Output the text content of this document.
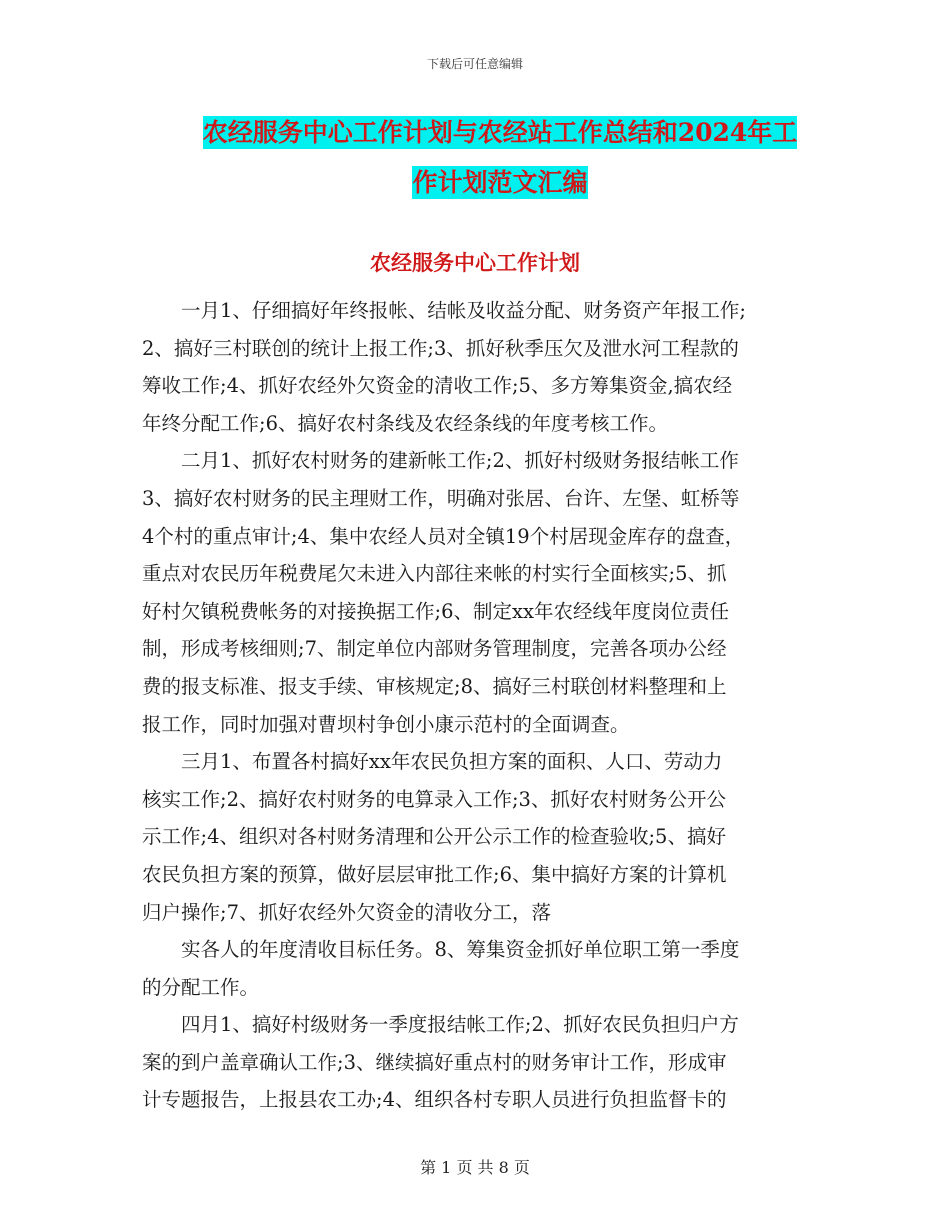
下载后可任意编辑
农经服务中心工作计划与农经站工作总结和2024年工
作计划范文汇编
农经服务中心工作计划

　　一月1、仔细搞好年终报帐、结帐及收益分配、财务资产年报工作;
2、搞好三村联创的统计上报工作;3、抓好秋季压欠及泄水河工程款的
筹收工作;4、抓好农经外欠资金的清收工作;5、多方筹集资金,搞农经
年终分配工作;6、搞好农村条线及农经条线的年度考核工作。

　　二月1、抓好农村财务的建新帐工作;2、抓好村级财务报结帐工作
3、搞好农村财务的民主理财工作，明确对张居、台许、左堡、虹桥等
4个村的重点审计;4、集中农经人员对全镇19个村居现金库存的盘查，
重点对农民历年税费尾欠未进入内部往来帐的村实行全面核实;5、抓
好村欠镇税费帐务的对接换据工作;6、制定xx年农经线年度岗位责任
制，形成考核细则;7、制定单位内部财务管理制度，完善各项办公经
费的报支标准、报支手续、审核规定;8、搞好三村联创材料整理和上
报工作，同时加强对曹坝村争创小康示范村的全面调查。

　　三月1、布置各村搞好xx年农民负担方案的面积、人口、劳动力
核实工作;2、搞好农村财务的电算录入工作;3、抓好农村财务公开公
示工作;4、组织对各村财务清理和公开公示工作的检查验收;5、搞好
农民负担方案的预算，做好层层审批工作;6、集中搞好方案的计算机
归户操作;7、抓好农经外欠资金的清收分工，落

　　实各人的年度清收目标任务。8、筹集资金抓好单位职工第一季度
的分配工作。

　　四月1、搞好村级财务一季度报结帐工作;2、抓好农民负担归户方
案的到户盖章确认工作;3、继续搞好重点村的财务审计工作，形成审
计专题报告，上报县农工办;4、组织各村专职人员进行负担监督卡的

第 1 页 共 8 页
